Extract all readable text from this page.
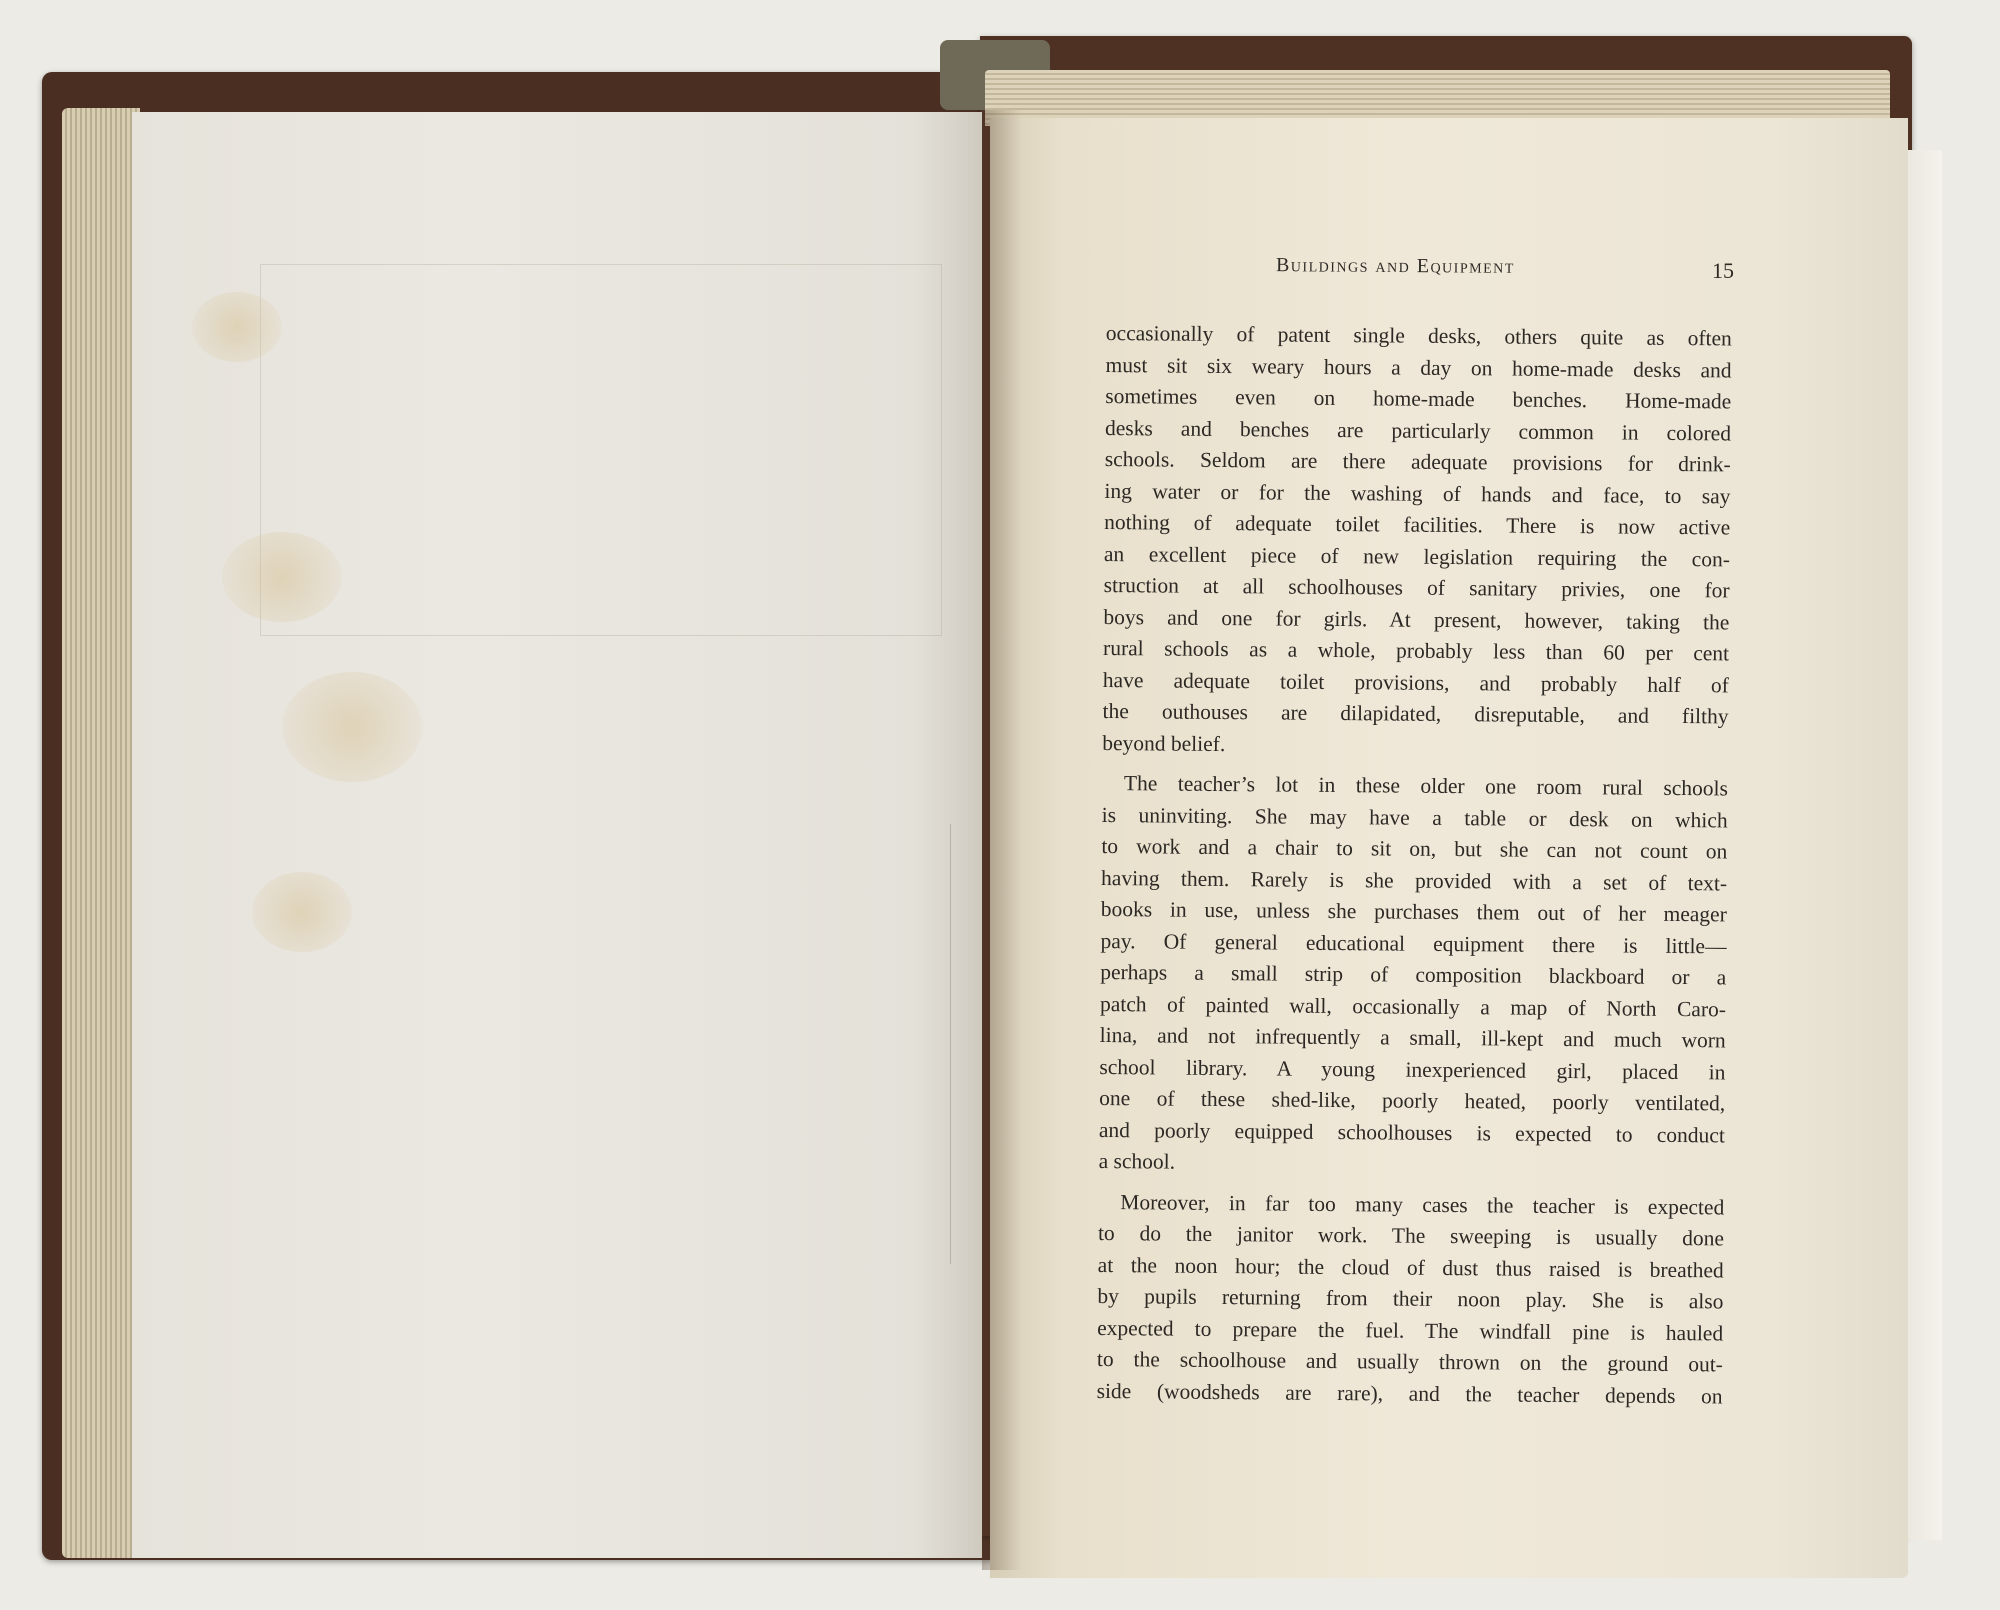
Buildings and Equipment	15

occasionally of patent single desks, others quite as often
must sit six weary hours a day on home-made desks and
sometimes even on home-made benches. Home-made
desks and benches are particularly common in colored
schools. Seldom are there adequate provisions for drink-
ing water or for the washing of hands and face, to say
nothing of adequate toilet facilities. There is now active
an excellent piece of new legislation requiring the con-
struction at all schoolhouses of sanitary privies, one for
boys and one for girls. At present, however, taking the
rural schools as a whole, probably less than 60 per cent
have adequate toilet provisions, and probably half of
the outhouses are dilapidated, disreputable, and filthy
beyond belief.

The teacher’s lot in these older one room rural schools
is uninviting. She may have a table or desk on which
to work and a chair to sit on, but she can not count on
having them. Rarely is she provided with a set of text-
books in use, unless she purchases them out of her meager
pay. Of general educational equipment there is little—
perhaps a small strip of composition blackboard or a
patch of painted wall, occasionally a map of North Caro-
lina, and not infrequently a small, ill-kept and much worn
school library. A young inexperienced girl, placed in
one of these shed-like, poorly heated, poorly ventilated,
and poorly equipped schoolhouses is expected to conduct
a school.

Moreover, in far too many cases the teacher is expected
to do the janitor work. The sweeping is usually done
at the noon hour; the cloud of dust thus raised is breathed
by pupils returning from their noon play. She is also
expected to prepare the fuel. The windfall pine is hauled
to the schoolhouse and usually thrown on the ground out-
side (woodsheds are rare), and the teacher depends on
